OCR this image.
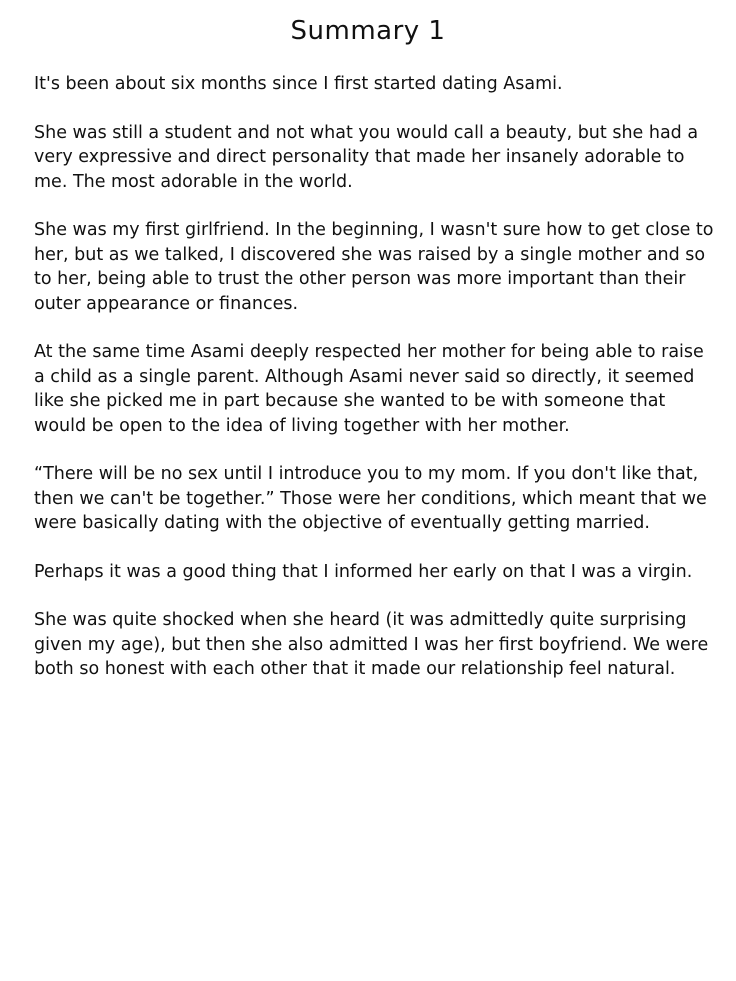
Summary 1

It's been about six months since I first started dating Asami.

She was still a student and not what you would call a beauty, but she had a very expressive and direct personality that made her insanely adorable to me. The most adorable in the world.

She was my first girlfriend. In the beginning, I wasn't sure how to get close to her, but as we talked, I discovered she was raised by a single mother and so to her, being able to trust the other person was more important than their outer appearance or finances.

At the same time Asami deeply respected her mother for being able to raise a child as a single parent. Although Asami never said so directly, it seemed like she picked me in part because she wanted to be with someone that would be open to the idea of living together with her mother.

“There will be no sex until I introduce you to my mom. If you don't like that, then we can't be together.” Those were her conditions, which meant that we were basically dating with the objective of eventually getting married.

Perhaps it was a good thing that I informed her early on that I was a virgin.

She was quite shocked when she heard (it was admittedly quite surprising given my age), but then she also admitted I was her first boyfriend. We were both so honest with each other that it made our relationship feel natural.
